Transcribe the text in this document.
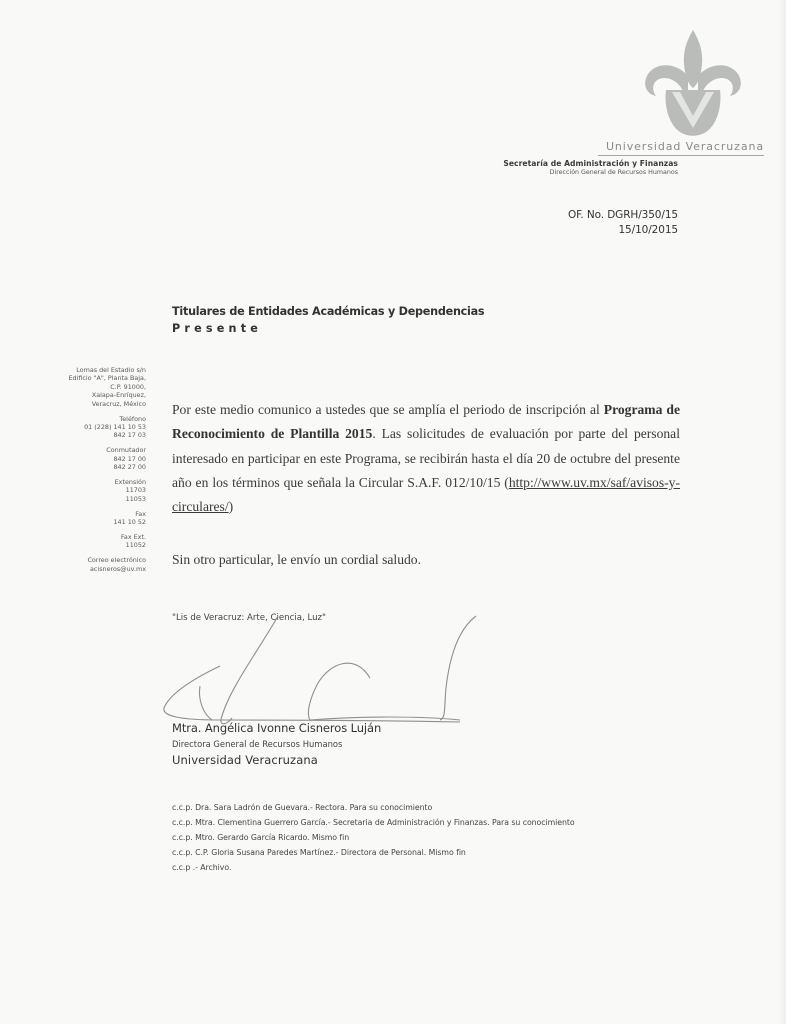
Universidad Veracruzana
Secretaría de Administración y Finanzas
Dirección General de Recursos Humanos
OF. No. DGRH/350/15
15/10/2015
Titulares de Entidades Académicas y Dependencias
Presente
Lomas del Estadio s/n
Edificio "A", Planta Baja,
C.P. 91000,
Xalapa-Enríquez,
Veracruz, México
Teléfono
01 (228) 141 10 53
842 17 03
Conmutador
842 17 00
842 27 00
Extensión
11703
11053
Fax
141 10 52
Fax Ext.
11052
Correo electrónico
acisneros@uv.mx
Por este medio comunico a ustedes que se amplía el periodo de inscripción al Programa de Reconocimiento de Plantilla 2015. Las solicitudes de evaluación por parte del personal interesado en participar en este Programa, se recibirán hasta el día 20 de octubre del presente año en los términos que señala la Circular S.A.F. 012/10/15 (http://www.uv.mx/saf/avisos-y-circulares/)
Sin otro particular, le envío un cordial saludo.
"Lis de Veracruz: Arte, Ciencia, Luz"
Mtra. Angélica Ivonne Cisneros Luján
Directora General de Recursos Humanos
Universidad Veracruzana
c.c.p. Dra. Sara Ladrón de Guevara.- Rectora. Para su conocimiento
c.c.p. Mtra. Clementina Guerrero García.- Secretaria de Administración y Finanzas. Para su conocimiento
c.c.p. Mtro. Gerardo García Ricardo. Mismo fin
c.c.p. C.P. Gloria Susana Paredes Martínez.- Directora de Personal. Mismo fin
c.c.p .- Archivo.
